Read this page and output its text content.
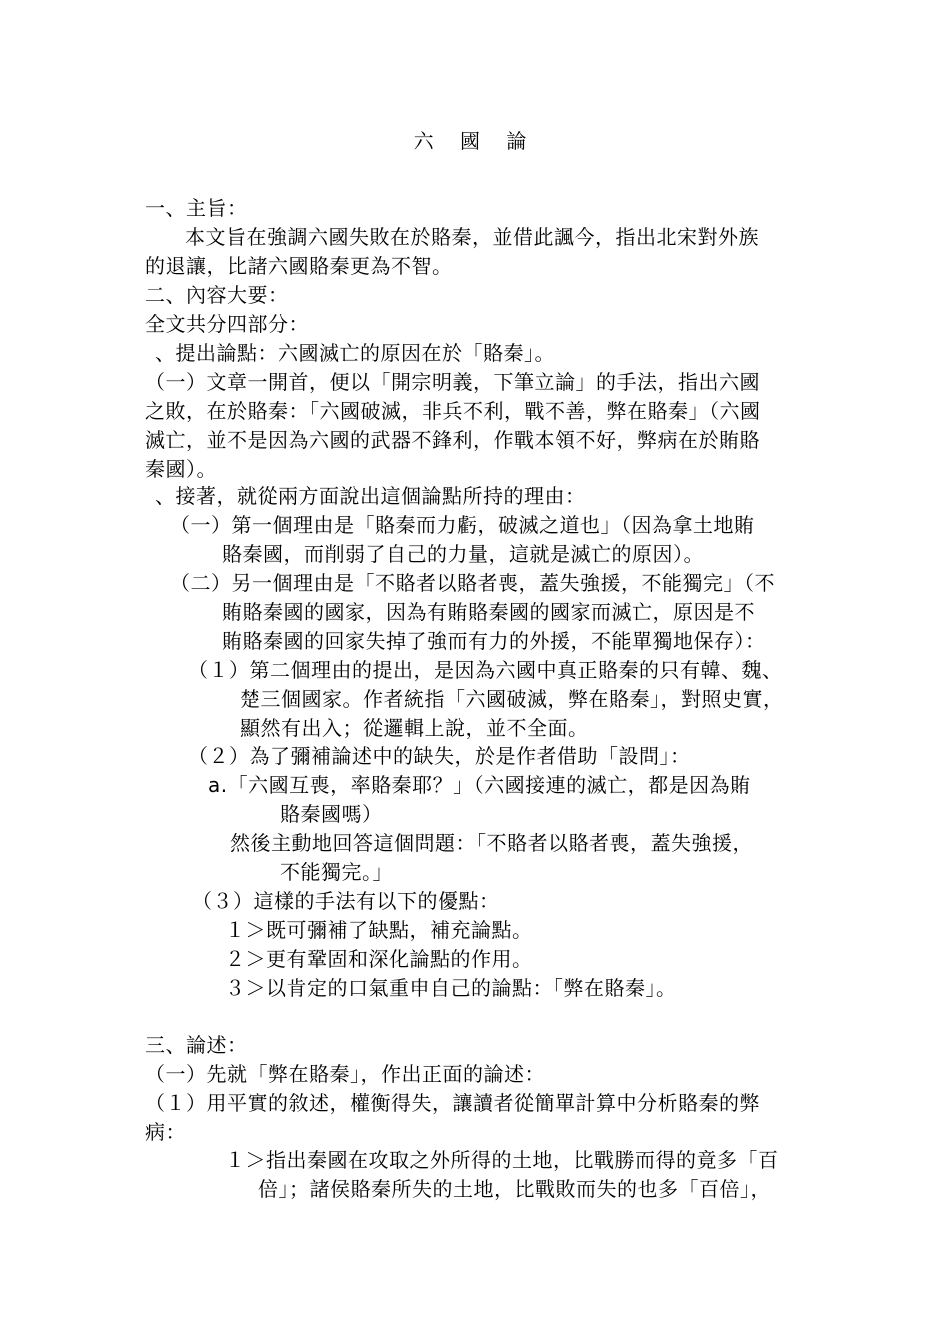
六 國 論
一、主旨：
本文旨在強調六國失敗在於賂秦，並借此諷今，指出北宋對外族
的退讓，比諸六國賂秦更為不智。
二、內容大要：
全文共分四部分：
、提出論點：六國滅亡的原因在於「賂秦」。
（一）文章一開首，便以「開宗明義，下筆立論」的手法，指出六國
之敗，在於賂秦：「六國破滅，非兵不利，戰不善，弊在賂秦」（六國
滅亡，並不是因為六國的武器不鋒利，作戰本領不好，弊病在於賄賂
秦國）。
、接著，就從兩方面說出這個論點所持的理由：
（一）第一個理由是「賂秦而力虧，破滅之道也」（因為拿土地賄
賂秦國，而削弱了自己的力量，這就是滅亡的原因）。
（二）另一個理由是「不賂者以賂者喪，蓋失強援，不能獨完」（不
賄賂秦國的國家，因為有賄賂秦國的國家而滅亡，原因是不
賄賂秦國的回家失掉了強而有力的外援，不能單獨地保存）：
（１）第二個理由的提出，是因為六國中真正賂秦的只有韓、魏、
楚三個國家。作者統指「六國破滅，弊在賂秦」，對照史實，
顯然有出入；從邏輯上說，並不全面。
（２）為了彌補論述中的缺失，於是作者借助「設問」：
a.「六國互喪，率賂秦耶？」（六國接連的滅亡，都是因為賄
賂秦國嗎）
然後主動地回答這個問題：「不賂者以賂者喪，蓋失強援，
不能獨完。」
（３）這樣的手法有以下的優點：
１＞既可彌補了缺點，補充論點。
２＞更有鞏固和深化論點的作用。
３＞以肯定的口氣重申自己的論點：「弊在賂秦」。
三、論述：
（一）先就「弊在賂秦」，作出正面的論述：
（１）用平實的敘述，權衡得失，讓讀者從簡單計算中分析賂秦的弊
病：
１＞指出秦國在攻取之外所得的土地，比戰勝而得的竟多「百
倍」；諸侯賂秦所失的土地，比戰敗而失的也多「百倍」，
